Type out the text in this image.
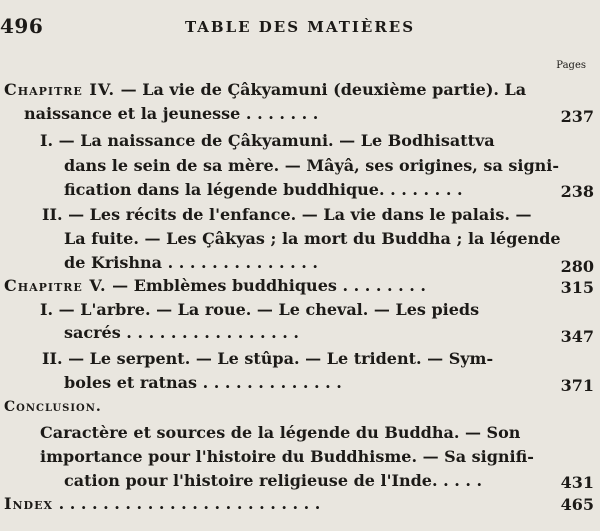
496	TABLE DES MATIÈRES
Pages
Chapitre IV. — La vie de Çâkyamuni (deuxième partie). La
naissance et la jeunesse . . . . . . .	237
I. — La naissance de Çâkyamuni. — Le Bodhisattva
dans le sein de sa mère. — Mâyâ, ses origines, sa signi-
fication dans la légende buddhique. . . . . . . .	238
II. — Les récits de l'enfance. — La vie dans le palais. —
La fuite. — Les Çâkyas ; la mort du Buddha ; la légende
de Krishna . . . . . . . . . . . . . .	280
Chapitre V. — Emblèmes buddhiques . . . . . . . .	315
I. — L'arbre. — La roue. — Le cheval. — Les pieds
sacrés . . . . . . . . . . . . . . . .	347
II. — Le serpent. — Le stûpa. — Le trident. — Sym-
boles et ratnas . . . . . . . . . . . . .	371
Conclusion.
Caractère et sources de la légende du Buddha. — Son
importance pour l'histoire du Buddhisme. — Sa signifi-
cation pour l'histoire religieuse de l'Inde. . . . .	431
Index . . . . . . . . . . . . . . . . . . . . . . . .	465
